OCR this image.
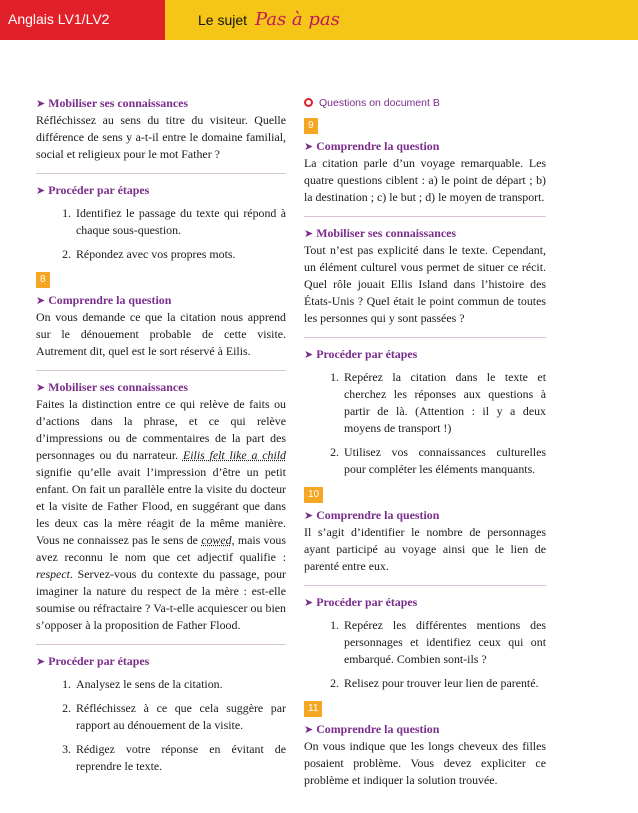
Anglais LV1/LV2	Le sujet Pas à pas
➤ Mobiliser ses connaissances

Réfléchissez au sens du titre du visiteur. Quelle différence de sens y a-t-il entre le domaine familial, social et religieux pour le mot Father ?

➤ Procéder par étapes
1. Identifiez le passage du texte qui répond à chaque sous-question.
2. Répondez avec vos propres mots.
8
➤ Comprendre la question

On vous demande ce que la citation nous apprend sur le dénouement probable de cette visite. Autrement dit, quel est le sort réservé à Eilis.

➤ Mobiliser ses connaissances

Faites la distinction entre ce qui relève de faits ou d’actions dans la phrase, et ce qui relève d’impressions ou de commentaires de la part des personnages ou du narrateur. Eilis felt like a child signifie qu’elle avait l’impression d’être un petit enfant. On fait un parallèle entre la visite du docteur et la visite de Father Flood, en suggérant que dans les deux cas la mère réagit de la même manière. Vous ne connaissez pas le sens de cowed, mais vous avez reconnu le nom que cet adjectif qualifie : respect. Servez-vous du contexte du passage, pour imaginer la nature du respect de la mère : est-elle soumise ou réfractaire ? Va-t-elle acquiescer ou bien s’opposer à la proposition de Father Flood.

➤ Procéder par étapes
1. Analysez le sens de la citation.
2. Réfléchissez à ce que cela suggère par rapport au dénouement de la visite.
3. Rédigez votre réponse en évitant de reprendre le texte.
Questions on document B
9
➤ Comprendre la question

La citation parle d’un voyage remarquable. Les quatre questions ciblent : a) le point de départ ; b) la destination ; c) le but ; d) le moyen de transport.

➤ Mobiliser ses connaissances

Tout n’est pas explicité dans le texte. Cependant, un élément culturel vous permet de situer ce récit. Quel rôle jouait Ellis Island dans l’histoire des États-Unis ? Quel était le point commun de toutes les personnes qui y sont passées ?

➤ Procéder par étapes
1. Repérez la citation dans le texte et cherchez les réponses aux questions à partir de là. (Attention : il y a deux moyens de transport !)
2. Utilisez vos connaissances culturelles pour compléter les éléments manquants.
10
➤ Comprendre la question

Il s’agit d’identifier le nombre de personnages ayant participé au voyage ainsi que le lien de parenté entre eux.

➤ Procéder par étapes
1. Repérez les différentes mentions des personnages et identifiez ceux qui ont embarqué. Combien sont-ils ?
2. Relisez pour trouver leur lien de parenté.
11
➤ Comprendre la question

On vous indique que les longs cheveux des filles posaient problème. Vous devez expliciter ce problème et indiquer la solution trouvée.
